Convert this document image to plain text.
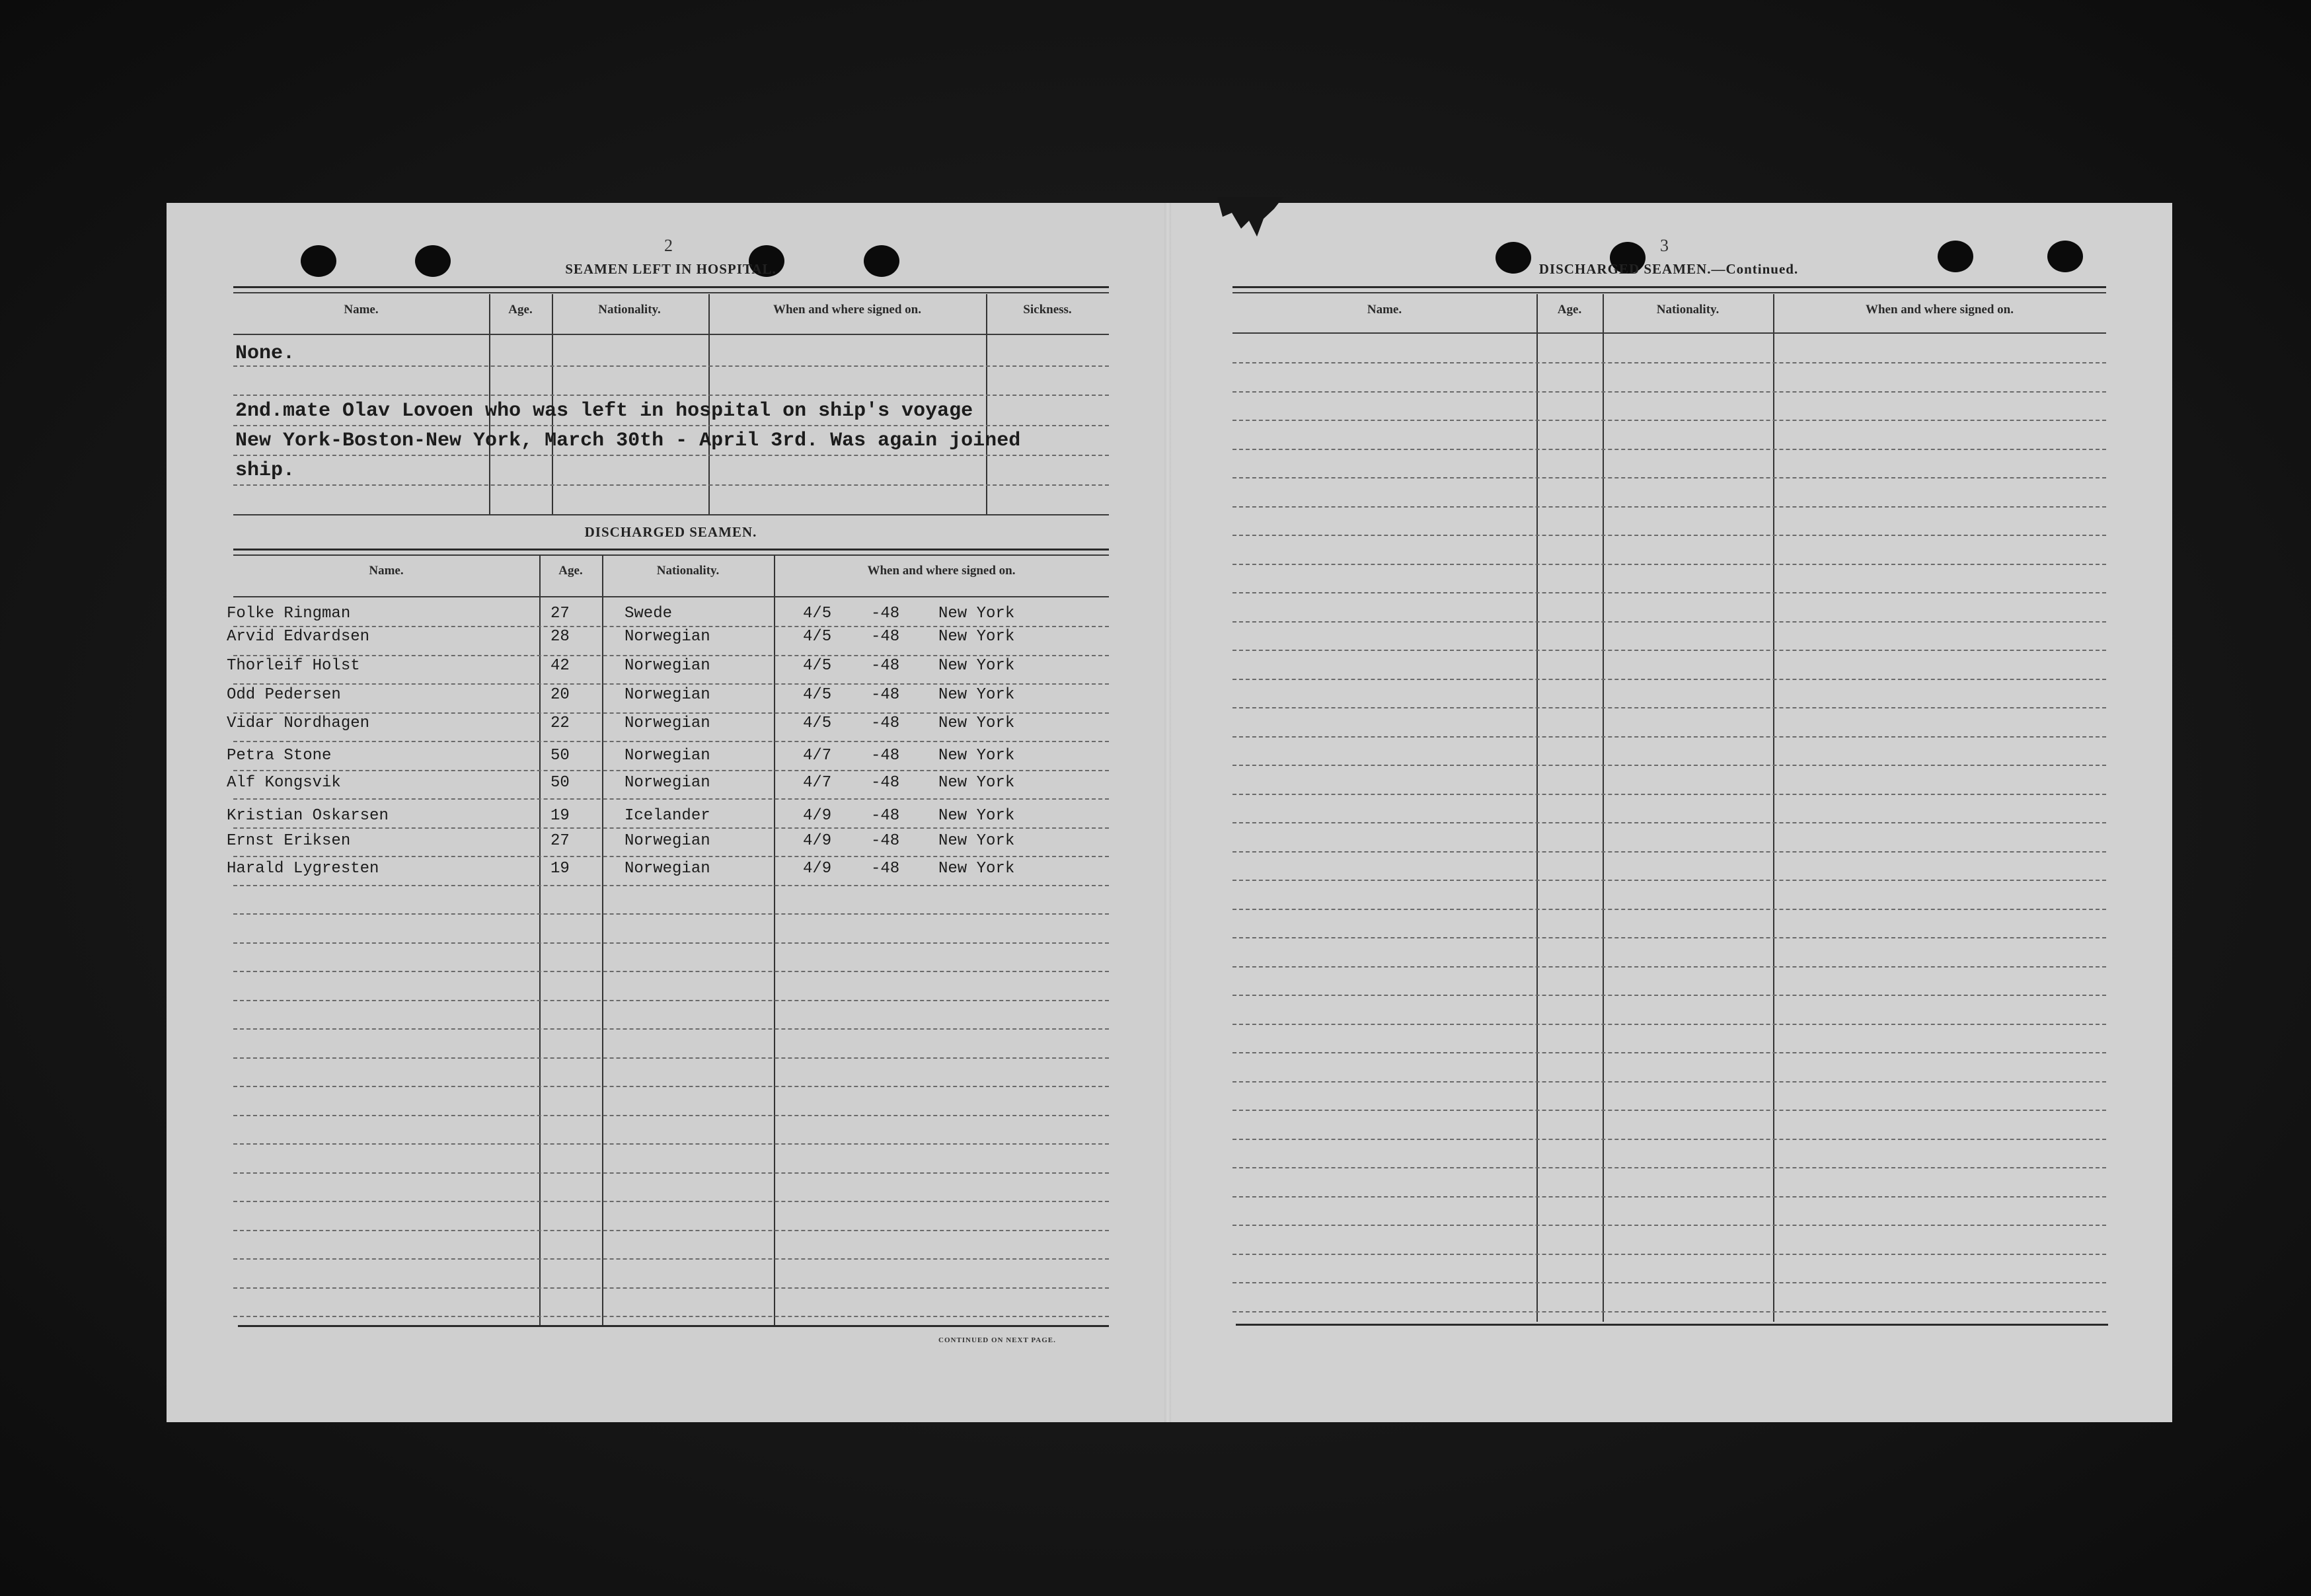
2
SEAMEN LEFT IN HOSPITAL.
Name.	Age.	Nationality.	When and where signed on.	Sickness.
None.
2nd.mate Olav Lovoen who was left in hospital on ship's voyage
New York-Boston-New York, March 30th - April 3rd. Was again joined
ship.
DISCHARGED SEAMEN.
Name.	Age.	Nationality.	When and where signed on.
Folke Ringman	27	Swede	4/5 -48 New York
Arvid Edvardsen	28	Norwegian	4/5 -48 New York
Thorleif Holst	42	Norwegian	4/5 -48 New York
Odd Pedersen	20	Norwegian	4/5 -48 New York
Vidar Nordhagen	22	Norwegian	4/5 -48 New York
Petra Stone	50	Norwegian	4/7 -48 New York
Alf Kongsvik	50	Norwegian	4/7 -48 New York
Kristian Oskarsen	19	Icelander	4/9 -48 New York
Ernst Eriksen	27	Norwegian	4/9 -48 New York
Harald Lygresten	19	Norwegian	4/9 -48 New York
CONTINUED ON NEXT PAGE.
3
DISCHARGED SEAMEN.—Continued.
Name.	Age.	Nationality.	When and where signed on.
